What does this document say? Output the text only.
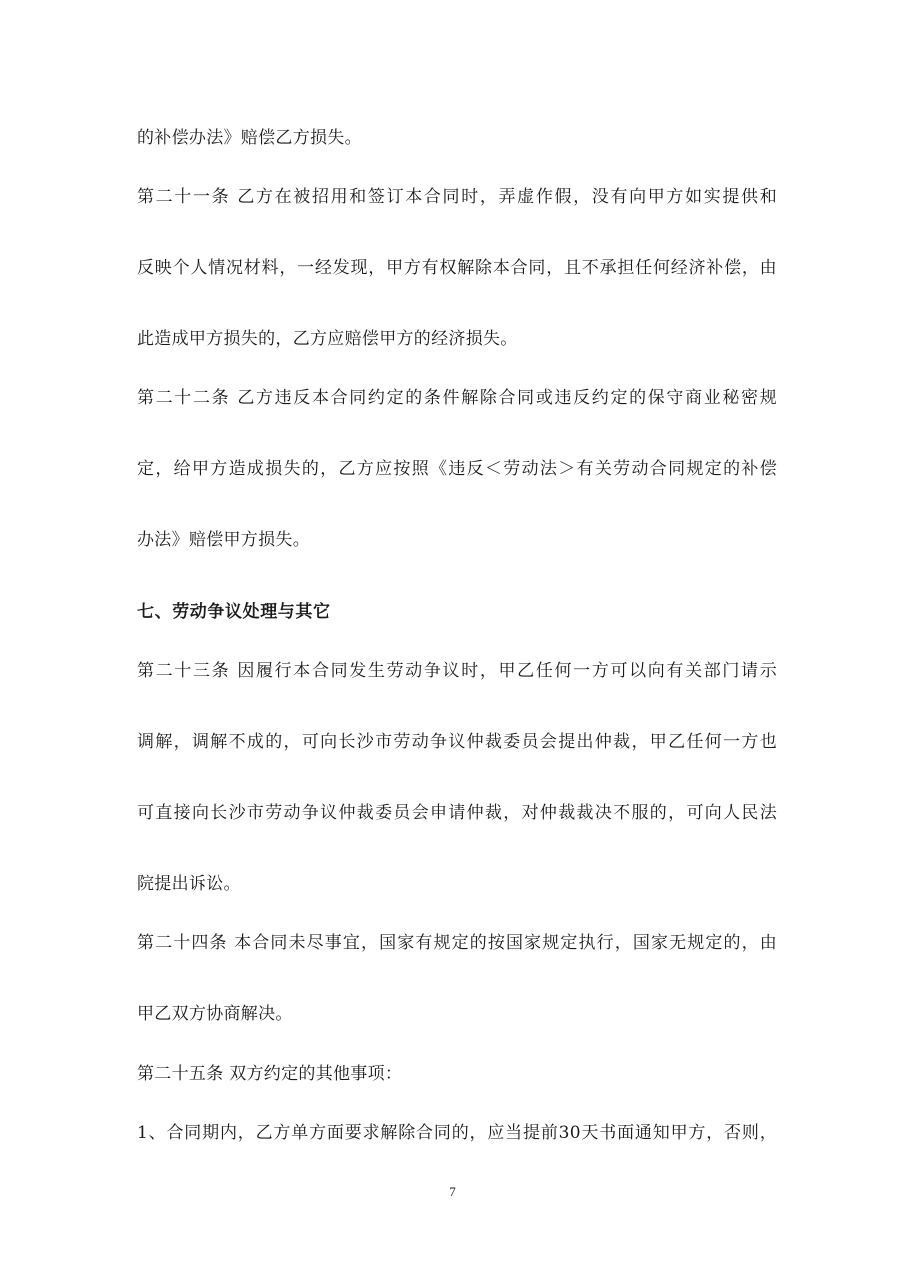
的补偿办法》赔偿乙方损失。
第二十一条 乙方在被招用和签订本合同时，弄虚作假，没有向甲方如实提供和
反映个人情况材料，一经发现，甲方有权解除本合同，且不承担任何经济补偿，由
此造成甲方损失的，乙方应赔偿甲方的经济损失。
第二十二条 乙方违反本合同约定的条件解除合同或违反约定的保守商业秘密规
定，给甲方造成损失的，乙方应按照《违反＜劳动法＞有关劳动合同规定的补偿
办法》赔偿甲方损失。
七、劳动争议处理与其它
第二十三条 因履行本合同发生劳动争议时，甲乙任何一方可以向有关部门请示
调解，调解不成的，可向长沙市劳动争议仲裁委员会提出仲裁，甲乙任何一方也
可直接向长沙市劳动争议仲裁委员会申请仲裁，对仲裁裁决不服的，可向人民法
院提出诉讼。
第二十四条 本合同未尽事宜，国家有规定的按国家规定执行，国家无规定的，由
甲乙双方协商解决。
第二十五条 双方约定的其他事项：
1、合同期内，乙方单方面要求解除合同的，应当提前30天书面通知甲方，否则，
7
